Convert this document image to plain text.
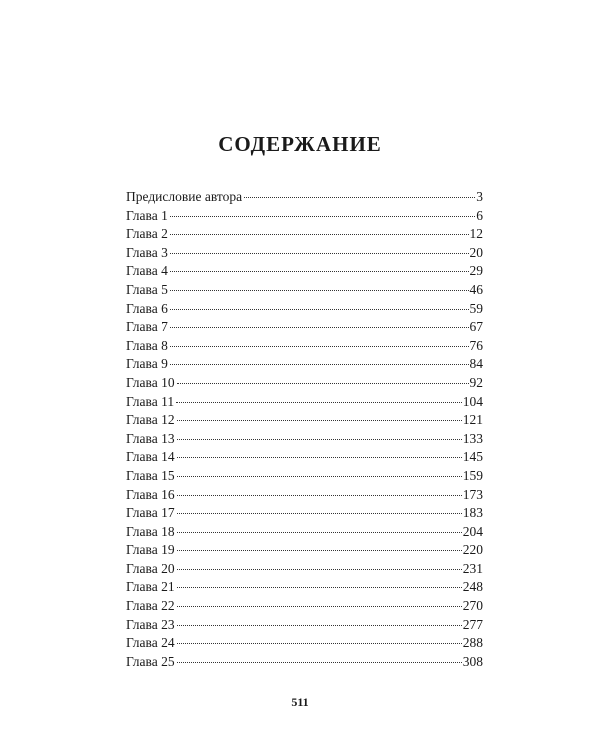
СОДЕРЖАНИЕ
Предисловие автора	3
Глава 1	6
Глава 2	12
Глава 3	20
Глава 4	29
Глава 5	46
Глава 6	59
Глава 7	67
Глава 8	76
Глава 9	84
Глава 10	92
Глава 11	104
Глава 12	121
Глава 13	133
Глава 14	145
Глава 15	159
Глава 16	173
Глава 17	183
Глава 18	204
Глава 19	220
Глава 20	231
Глава 21	248
Глава 22	270
Глава 23	277
Глава 24	288
Глава 25	308
511
